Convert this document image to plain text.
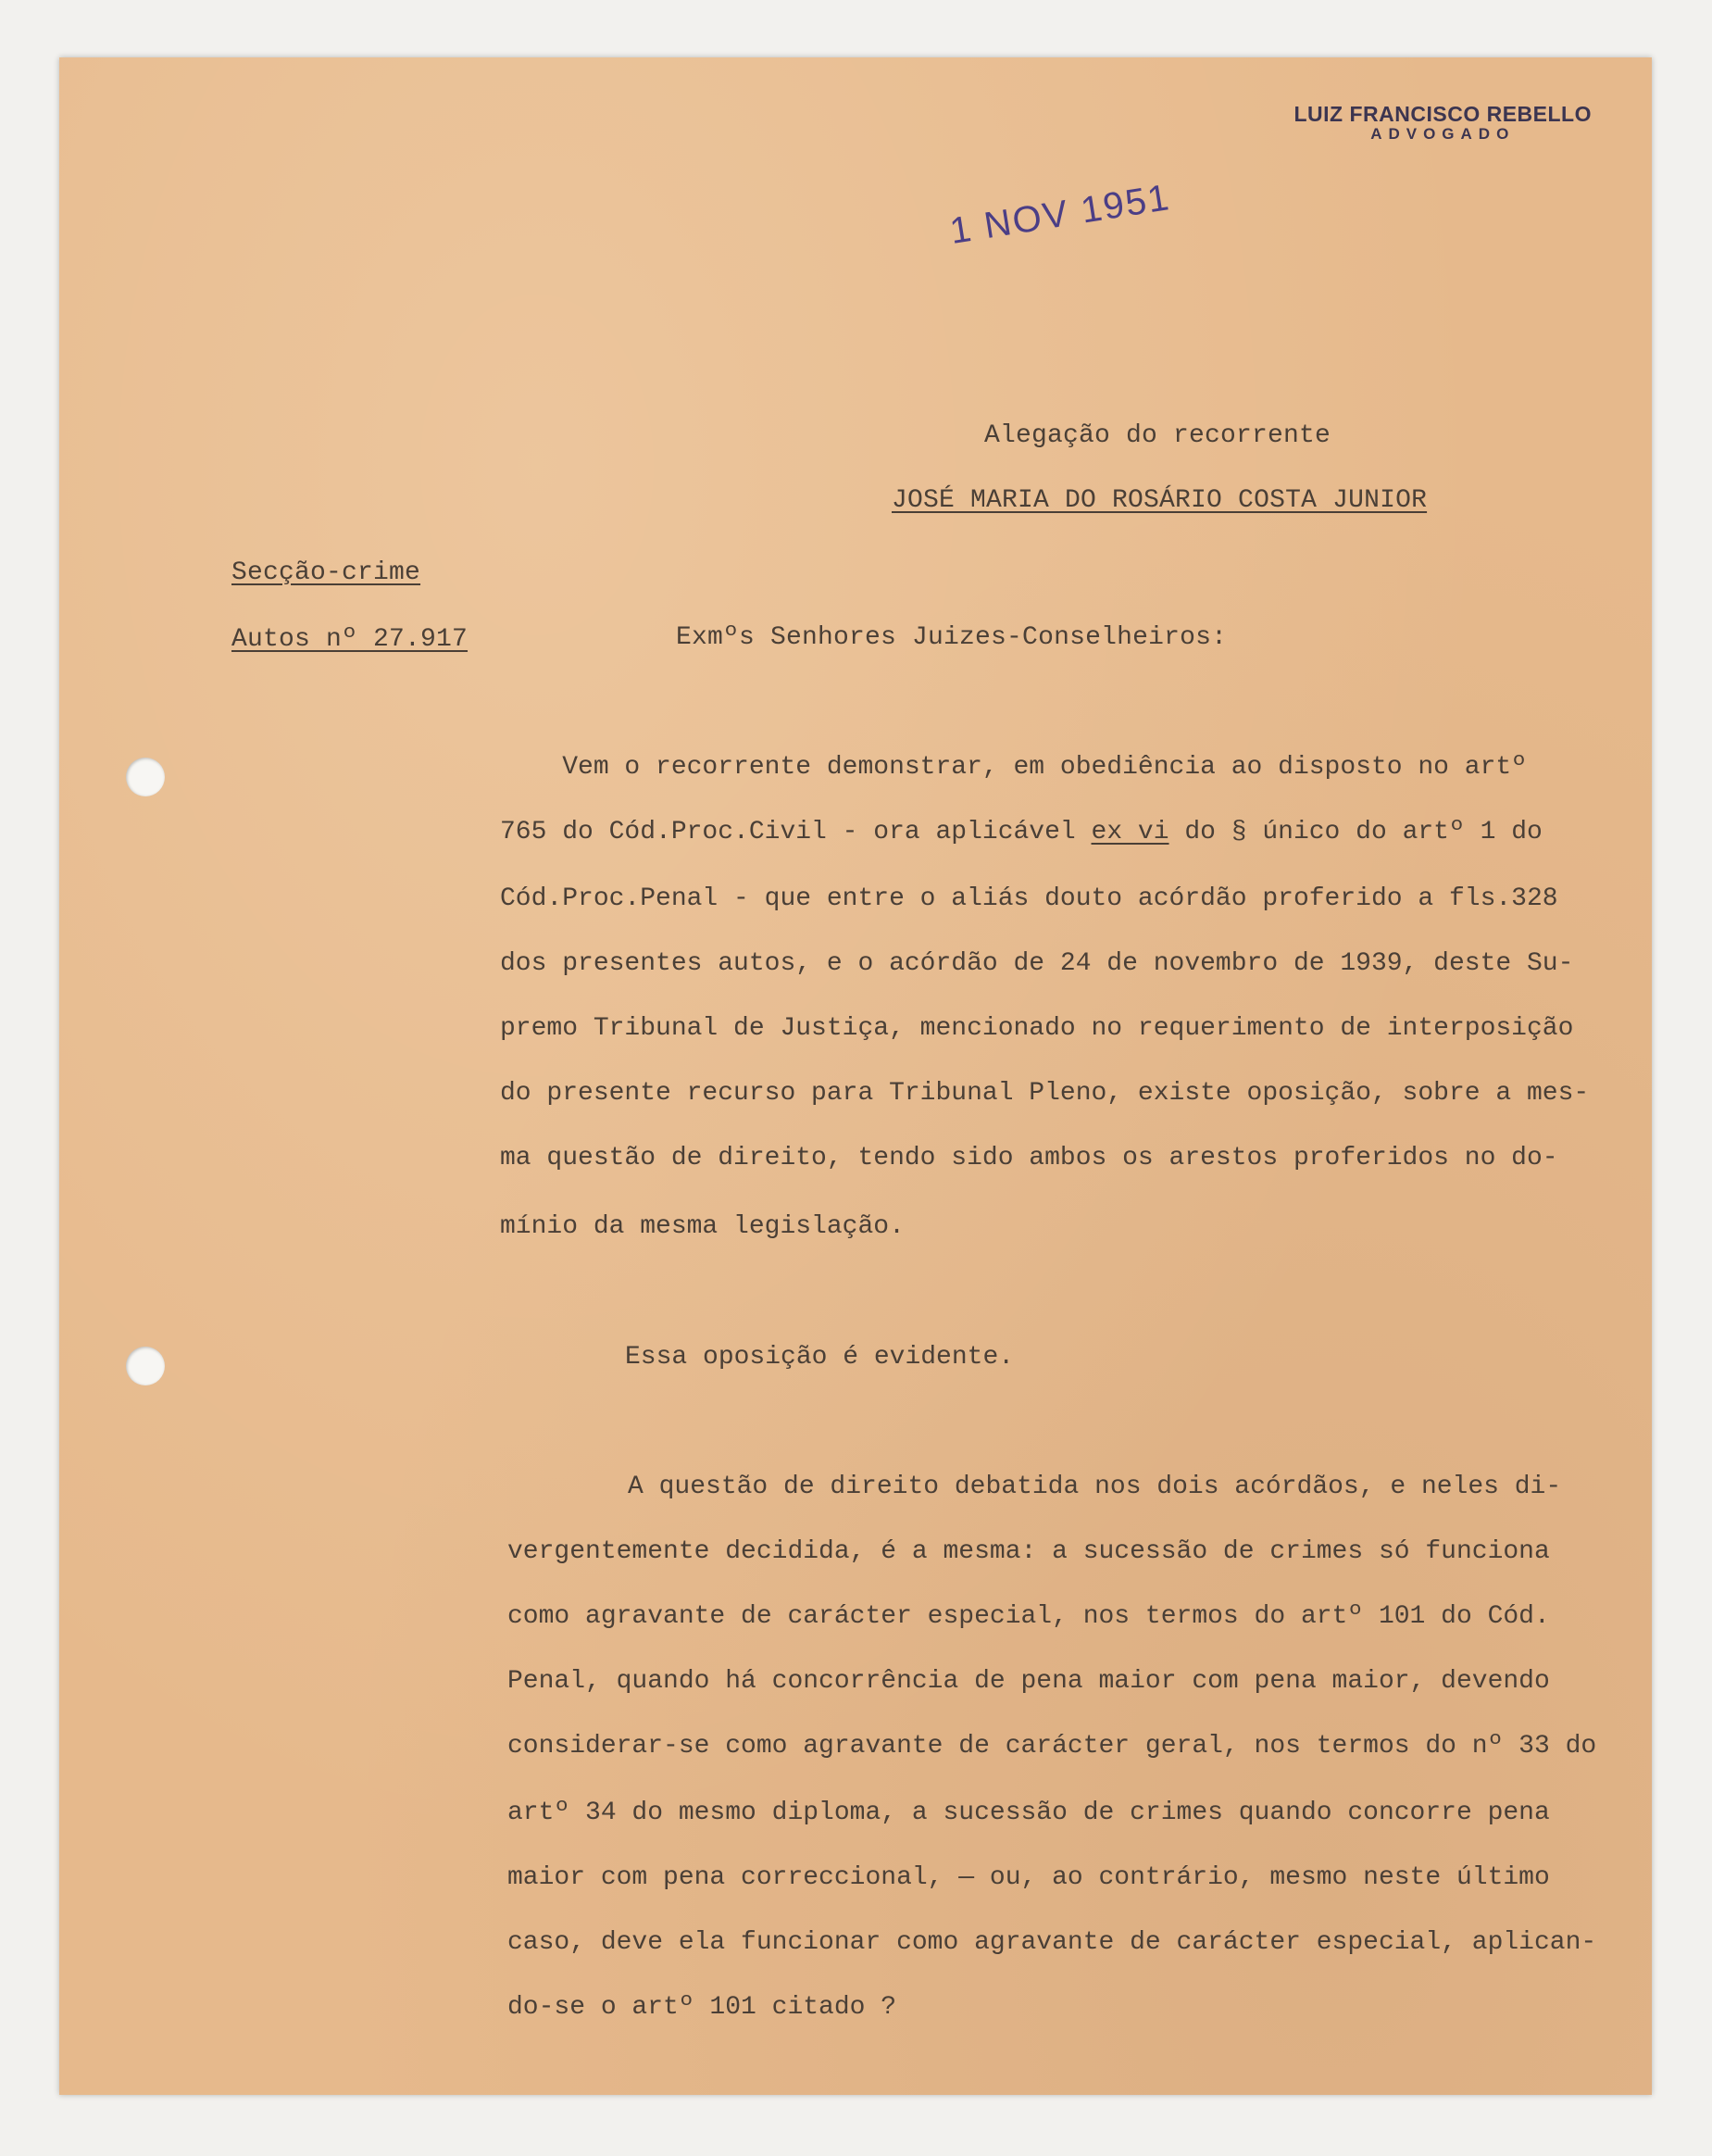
LUIZ FRANCISCO REBELLO
ADVOGADO
1 NOV 1951
Alegação do recorrente
JOSÉ MARIA DO ROSÁRIO COSTA JUNIOR
Secção-crime
Autos nº 27.917	Exmºs Senhores Juizes-Conselheiros:
Vem o recorrente demonstrar, em obediência ao disposto no artº
765 do Cód.Proc.Civil - ora aplicável ex vi do § único do artº 1 do
Cód.Proc.Penal - que entre o aliás douto acórdão proferido a fls.328
dos presentes autos, e o acórdão de 24 de novembro de 1939, deste Su-
premo Tribunal de Justiça, mencionado no requerimento de interposição
do presente recurso para Tribunal Pleno, existe oposição, sobre a mes-
ma questão de direito, tendo sido ambos os arestos proferidos no do-
mínio da mesma legislação.
Essa oposição é evidente.
A questão de direito debatida nos dois acórdãos, e neles di-
vergentemente decidida, é a mesma: a sucessão de crimes só funciona
como agravante de carácter especial, nos termos do artº 101 do Cód.
Penal, quando há concorrência de pena maior com pena maior, devendo
considerar-se como agravante de carácter geral, nos termos do nº 33 do
artº 34 do mesmo diploma, a sucessão de crimes quando concorre pena
maior com pena correccional, — ou, ao contrário, mesmo neste último
caso, deve ela funcionar como agravante de carácter especial, aplican-
do-se o artº 101 citado ?
